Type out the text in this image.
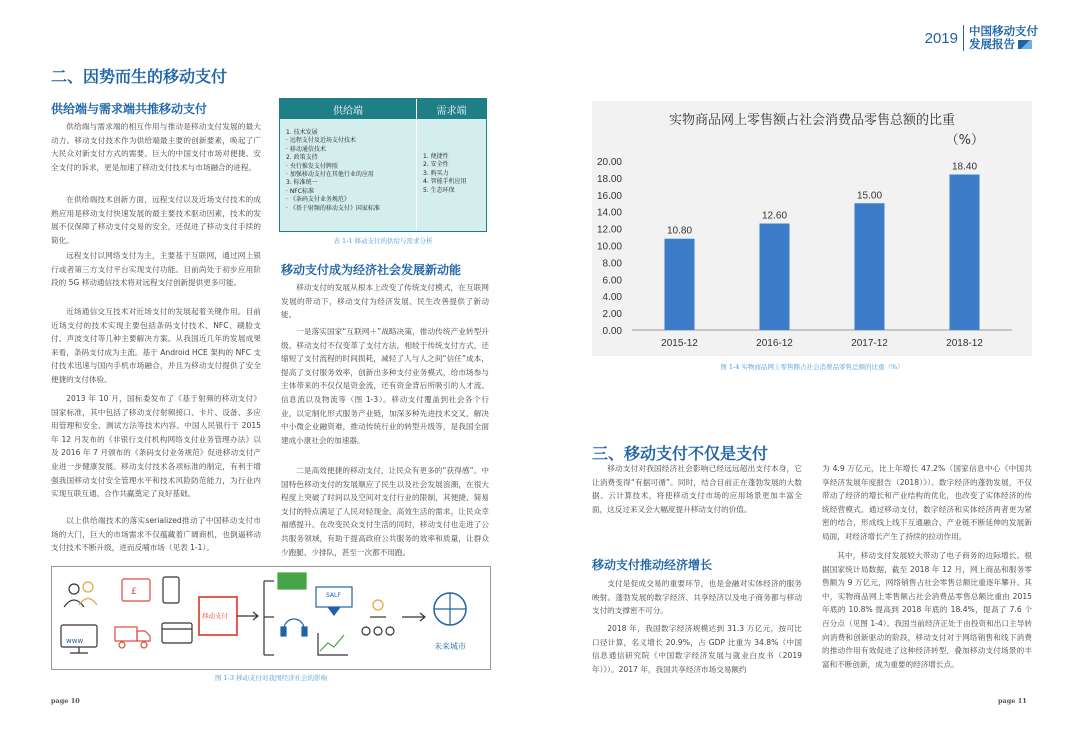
2019 中国移动支付
发展报告
二、因势而生的移动支付
供给端与需求端共推移动支付
供给端与需求端的相互作用与推动是移动支付发展的最大动力。移动支付技术作为供给端最主要的创新要素，唤起了广大民众对新支付方式的需要。巨大的中国支付市场对便捷、安全支付的诉求，更是加速了移动支付技术与市场融合的进程。
在供给端技术创新方面，远程支付以及近场支付技术的成熟应用是移动支付快速发展的最主要技术驱动因素，技术的发展不仅保障了移动支付交易的安全，还促进了移动支付手续的简化。
远程支付以网络支付为主，主要基于互联网，通过网上银行或者第三方支付平台实现支付功能。目前尚处于初步应用阶段的 5G 移动通信技术将对远程支付创新提供更多可能。
近场通信交互技术对近场支付的发展起着关键作用。目前近场支付的技术实现主要包括条码支付技术、NFC、刷脸支付、声波支付等几种主要解决方案。从我国近几年的发展成果来看，条码支付成为主流。基于 Android HCE 架构的 NFC 支付技术迅速与国内手机市场融合，并且为移动支付提供了安全便捷的支付体验。
2013 年 10 月，国标委发布了《基于射频的移动支付》国家标准，其中包括了移动支付射频接口、卡片、设备、多应用管理和安全、测试方法等技术内容。中国人民银行于 2015 年 12 月发布的《非银行支付机构网络支付业务管理办法》以及 2016 年 7 月颁布的《条码支付业务规范》促进移动支付产业进一步健康发展。移动支付技术各项标准的制定，有利于增强我国移动支付安全管理水平和技术风险防范能力，为行业内实现互联互通、合作共赢奠定了良好基础。
以上供给端技术的落实serialized推动了中国移动支付市场的大门，巨大的市场需求不仅蕴藏着广阔商机，也倒逼移动支付技术不断升级，进而反哺市场（见表 1-1）。
供给端	需求端
1. 技术发展
· 远程支付及近场支付技术
· 移动通信技术
2. 政策支持
· 央行推发支付牌照
· 加强移动支付在其他行业的应用
3. 标准统一
· NFC标准
· 《条码支付业务规范》
· 《基于射频的移动支付》国家标准
1. 便捷性
2. 安全性
3. 购买力
4. 智能手机应用
5. 生态环保
表 1-1 移动支付的供给与需求分析
移动支付成为经济社会发展新动能
移动支付的发展从根本上改变了传统支付模式，在互联网发展的带动下，移动支付为经济发展、民生改善提供了新动能。
一是落实国家“互联网＋”战略决策，推动传统产业转型升级。移动支付不仅变革了支付方法，相较于传统支付方式，还缩短了支付流程的时间损耗，减轻了人与人之间“信任”成本，提高了支付服务效率，创新出多种支付业务模式，给市场参与主体带来的不仅仅是资金流，还有资金背后所吸引的人才流、信息流以及物流等（图 1-3）。移动支付覆盖到社会各个行业，以定制化形式服务产业链，加深多种先进技术交叉，解决中小微企业融资难，推动传统行业的转型升级等，是我国全面建成小康社会的加速器。
二是高效便捷的移动支付，让民众有更多的“获得感”。中国特色移动支付的发展顺应了民生以及社会发展浪潮，在很大程度上突破了时间以及空间对支付行业的限制，其便捷、简易支付的特点满足了人民对轻现金、高效生活的需求，让民众幸福感提升。在改变民众支付生活的同时，移动支付也走进了公共服务领域，有助于提高政府公共服务的效率和质量，让群众少跑腿、少排队，甚至一次都不用跑。
£
www
移动支付
SALF
未来城市
图 1-3 移动支付对我国经济社会的影响
page 10
实物商品网上零售额占社会消费品零售总额的比重
（%）
0.00
2.00
4.00
6.00
8.00
10.00
12.00
14.00
16.00
18.00
20.00
10.80
2015-12
12.60
2016-12
15.00
2017-12
18.40
2018-12
图 1-4 实物商品网上零售额占社会消费品零售总额的比重（%）
三、移动支付不仅是支付
移动支付对我国经济社会影响已经远远超出支付本身，它让消费变得“有据可循”。同时，结合目前正在蓬勃发展的大数据、云计算技术，将使移动支付市场的应用场景更加丰富全面，这反过来又会大幅度提升移动支付的价值。
移动支付推动经济增长
支付是促成交易的重要环节，也是金融对实体经济的服务映射。蓬勃发展的数字经济、共享经济以及电子商务都与移动支付的支撑密不可分。
2018 年，我国数字经济规模达到 31.3 万亿元，按可比口径计算，名义增长 20.9%，占 GDP 比重为 34.8%（中国信息通信研究院《中国数字经济发展与就业白皮书（2019 年）》）。2017 年，我国共享经济市场交易额约
为 4.9 万亿元，比上年增长 47.2%（国家信息中心《中国共享经济发展年度报告（2018）》）。数字经济的蓬勃发展，不仅带动了经济的增长和产业结构的优化，也改变了实体经济的传统经营模式。通过移动支付，数字经济和实体经济两者更为紧密的结合，形成线上线下互通融合、产业链不断延伸的发展新局面，对经济增长产生了持续的拉动作用。
其中，移动支付发展较大带动了电子商务的边际增长。根据国家统计局数据，截至 2018 年 12 月，网上商品和服务零售额为 9 万亿元，网络销售占社会零售总额比重逐年攀升。其中，实物商品网上零售额占社会消费品零售总额比重由 2015 年底的 10.8% 提高到 2018 年底的 18.4%，提高了 7.6 个百分点（见图 1-4）。我国当前经济正处于由投资和出口主导转向消费和创新驱动的阶段，移动支付对于网络销售和线下消费的推动作用有效促进了这种经济转型，叠加移动支付场景的丰富和不断创新，成为重要的经济增长点。
page 11
